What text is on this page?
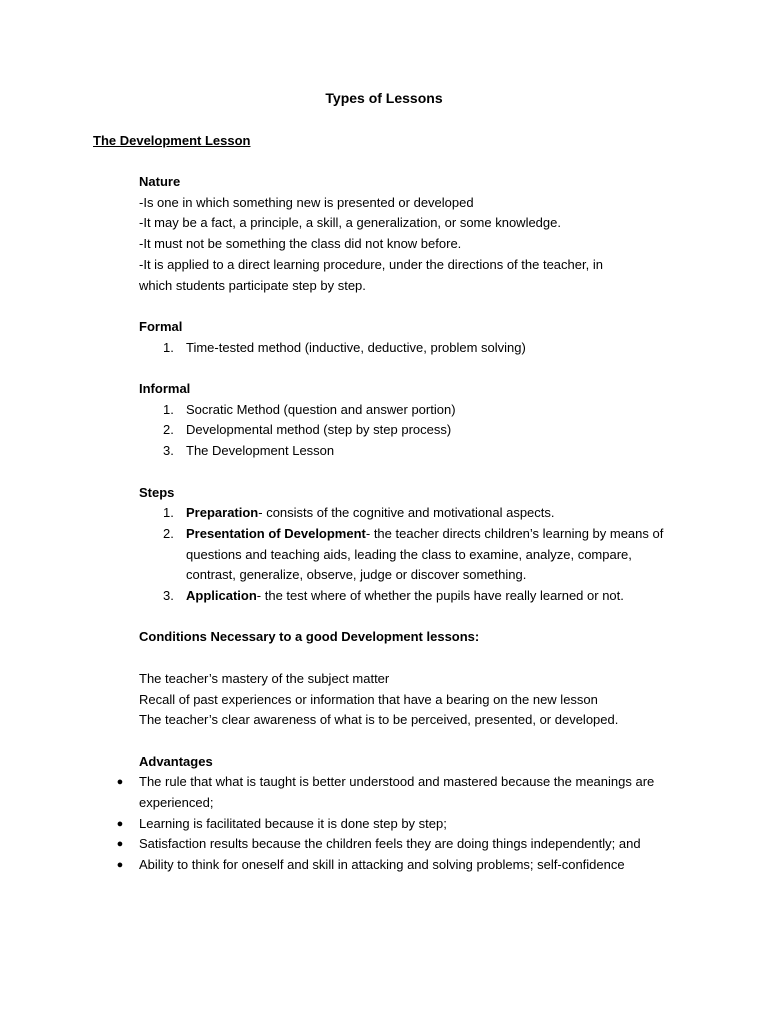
Types of Lessons
The Development Lesson
Nature
-Is one in which something new is presented or developed
-It may be a fact, a principle, a skill, a generalization, or some knowledge.
-It must not be something the class did not know before.
-It is applied to a direct learning procedure, under the directions of the teacher, in
which students participate step by step.
Formal
1. Time-tested method (inductive, deductive, problem solving)
Informal
1. Socratic Method (question and answer portion)
2. Developmental method (step by step process)
3. The Development Lesson
Steps
1. Preparation- consists of the cognitive and motivational aspects.
2. Presentation of Development- the teacher directs children’s learning by means of questions and teaching aids, leading the class to examine, analyze, compare, contrast, generalize, observe, judge or discover something.
3. Application- the test where of whether the pupils have really learned or not.
Conditions Necessary to a good Development lessons:
The teacher’s mastery of the subject matter
Recall of past experiences or information that have a bearing on the new lesson
The teacher’s clear awareness of what is to be perceived, presented, or developed.
Advantages
● The rule that what is taught is better understood and mastered because the meanings are experienced;
● Learning is facilitated because it is done step by step;
● Satisfaction results because the children feels they are doing things independently; and
● Ability to think for oneself and skill in attacking and solving problems; self-confidence
